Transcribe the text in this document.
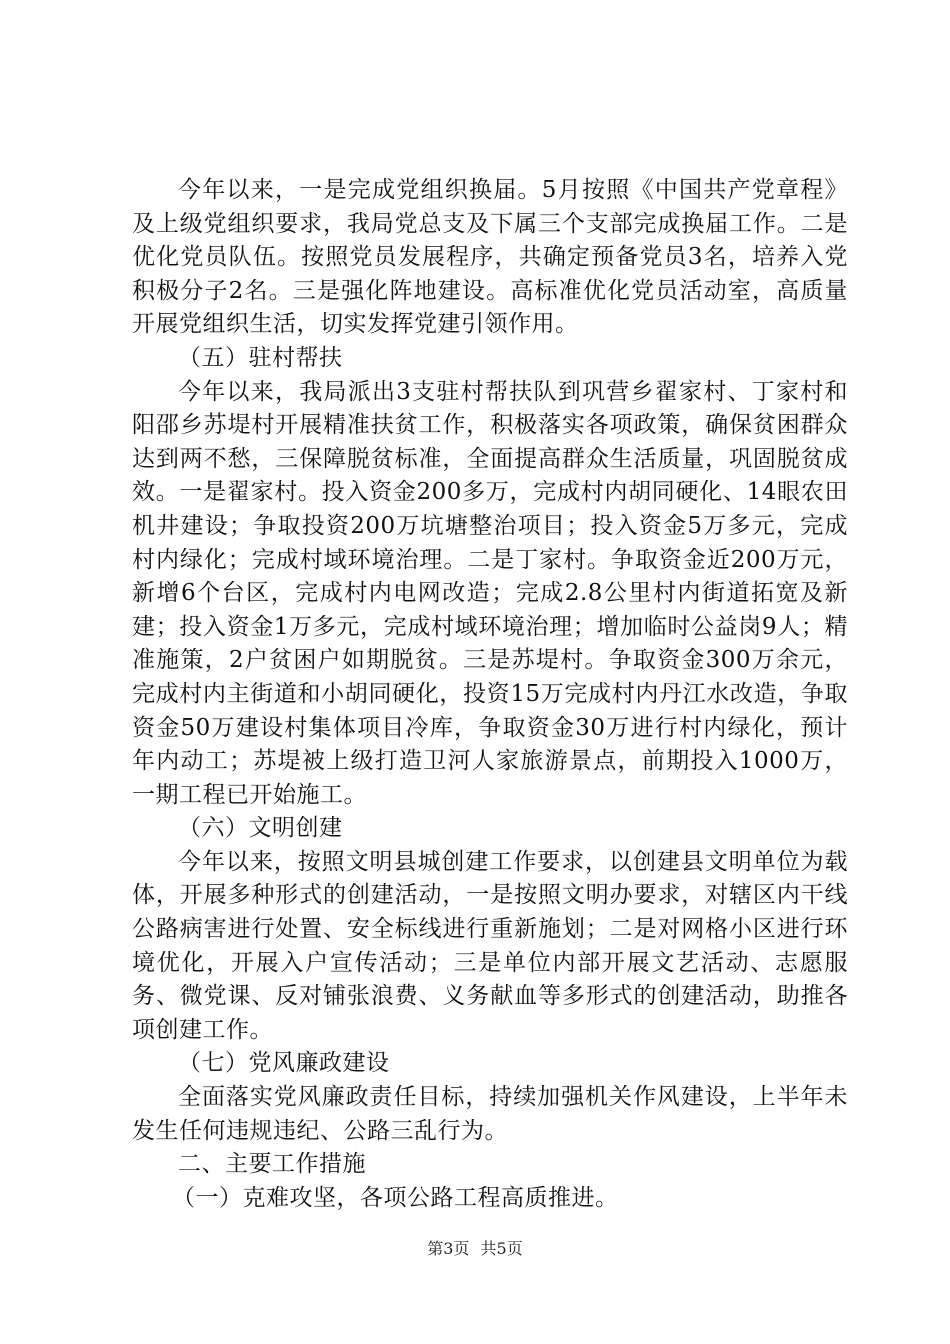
今年以来，一是完成党组织换届。5月按照《中国共产党章程》及上级党组织要求，我局党总支及下属三个支部完成换届工作。二是优化党员队伍。按照党员发展程序，共确定预备党员3名，培养入党积极分子2名。三是强化阵地建设。高标准优化党员活动室，高质量开展党组织生活，切实发挥党建引领作用。

（五）驻村帮扶

今年以来，我局派出3支驻村帮扶队到巩营乡翟家村、丁家村和阳邵乡苏堤村开展精准扶贫工作，积极落实各项政策，确保贫困群众达到两不愁，三保障脱贫标准，全面提高群众生活质量，巩固脱贫成效。一是翟家村。投入资金200多万，完成村内胡同硬化、14眼农田机井建设；争取投资200万坑塘整治项目；投入资金5万多元，完成村内绿化；完成村域环境治理。二是丁家村。争取资金近200万元，新增6个台区，完成村内电网改造；完成2.8公里村内街道拓宽及新建；投入资金1万多元，完成村域环境治理；增加临时公益岗9人；精准施策，2户贫困户如期脱贫。三是苏堤村。争取资金300万余元，完成村内主街道和小胡同硬化，投资15万完成村内丹江水改造，争取资金50万建设村集体项目冷库，争取资金30万进行村内绿化，预计年内动工；苏堤被上级打造卫河人家旅游景点，前期投入1000万，一期工程已开始施工。

（六）文明创建

今年以来，按照文明县城创建工作要求，以创建县文明单位为载体，开展多种形式的创建活动，一是按照文明办要求，对辖区内干线公路病害进行处置、安全标线进行重新施划；二是对网格小区进行环境优化，开展入户宣传活动；三是单位内部开展文艺活动、志愿服务、微党课、反对铺张浪费、义务献血等多形式的创建活动，助推各项创建工作。

（七）党风廉政建设

全面落实党风廉政责任目标，持续加强机关作风建设，上半年未发生任何违规违纪、公路三乱行为。

二、主要工作措施

（一）克难攻坚，各项公路工程高质推进。

第3页 共5页
